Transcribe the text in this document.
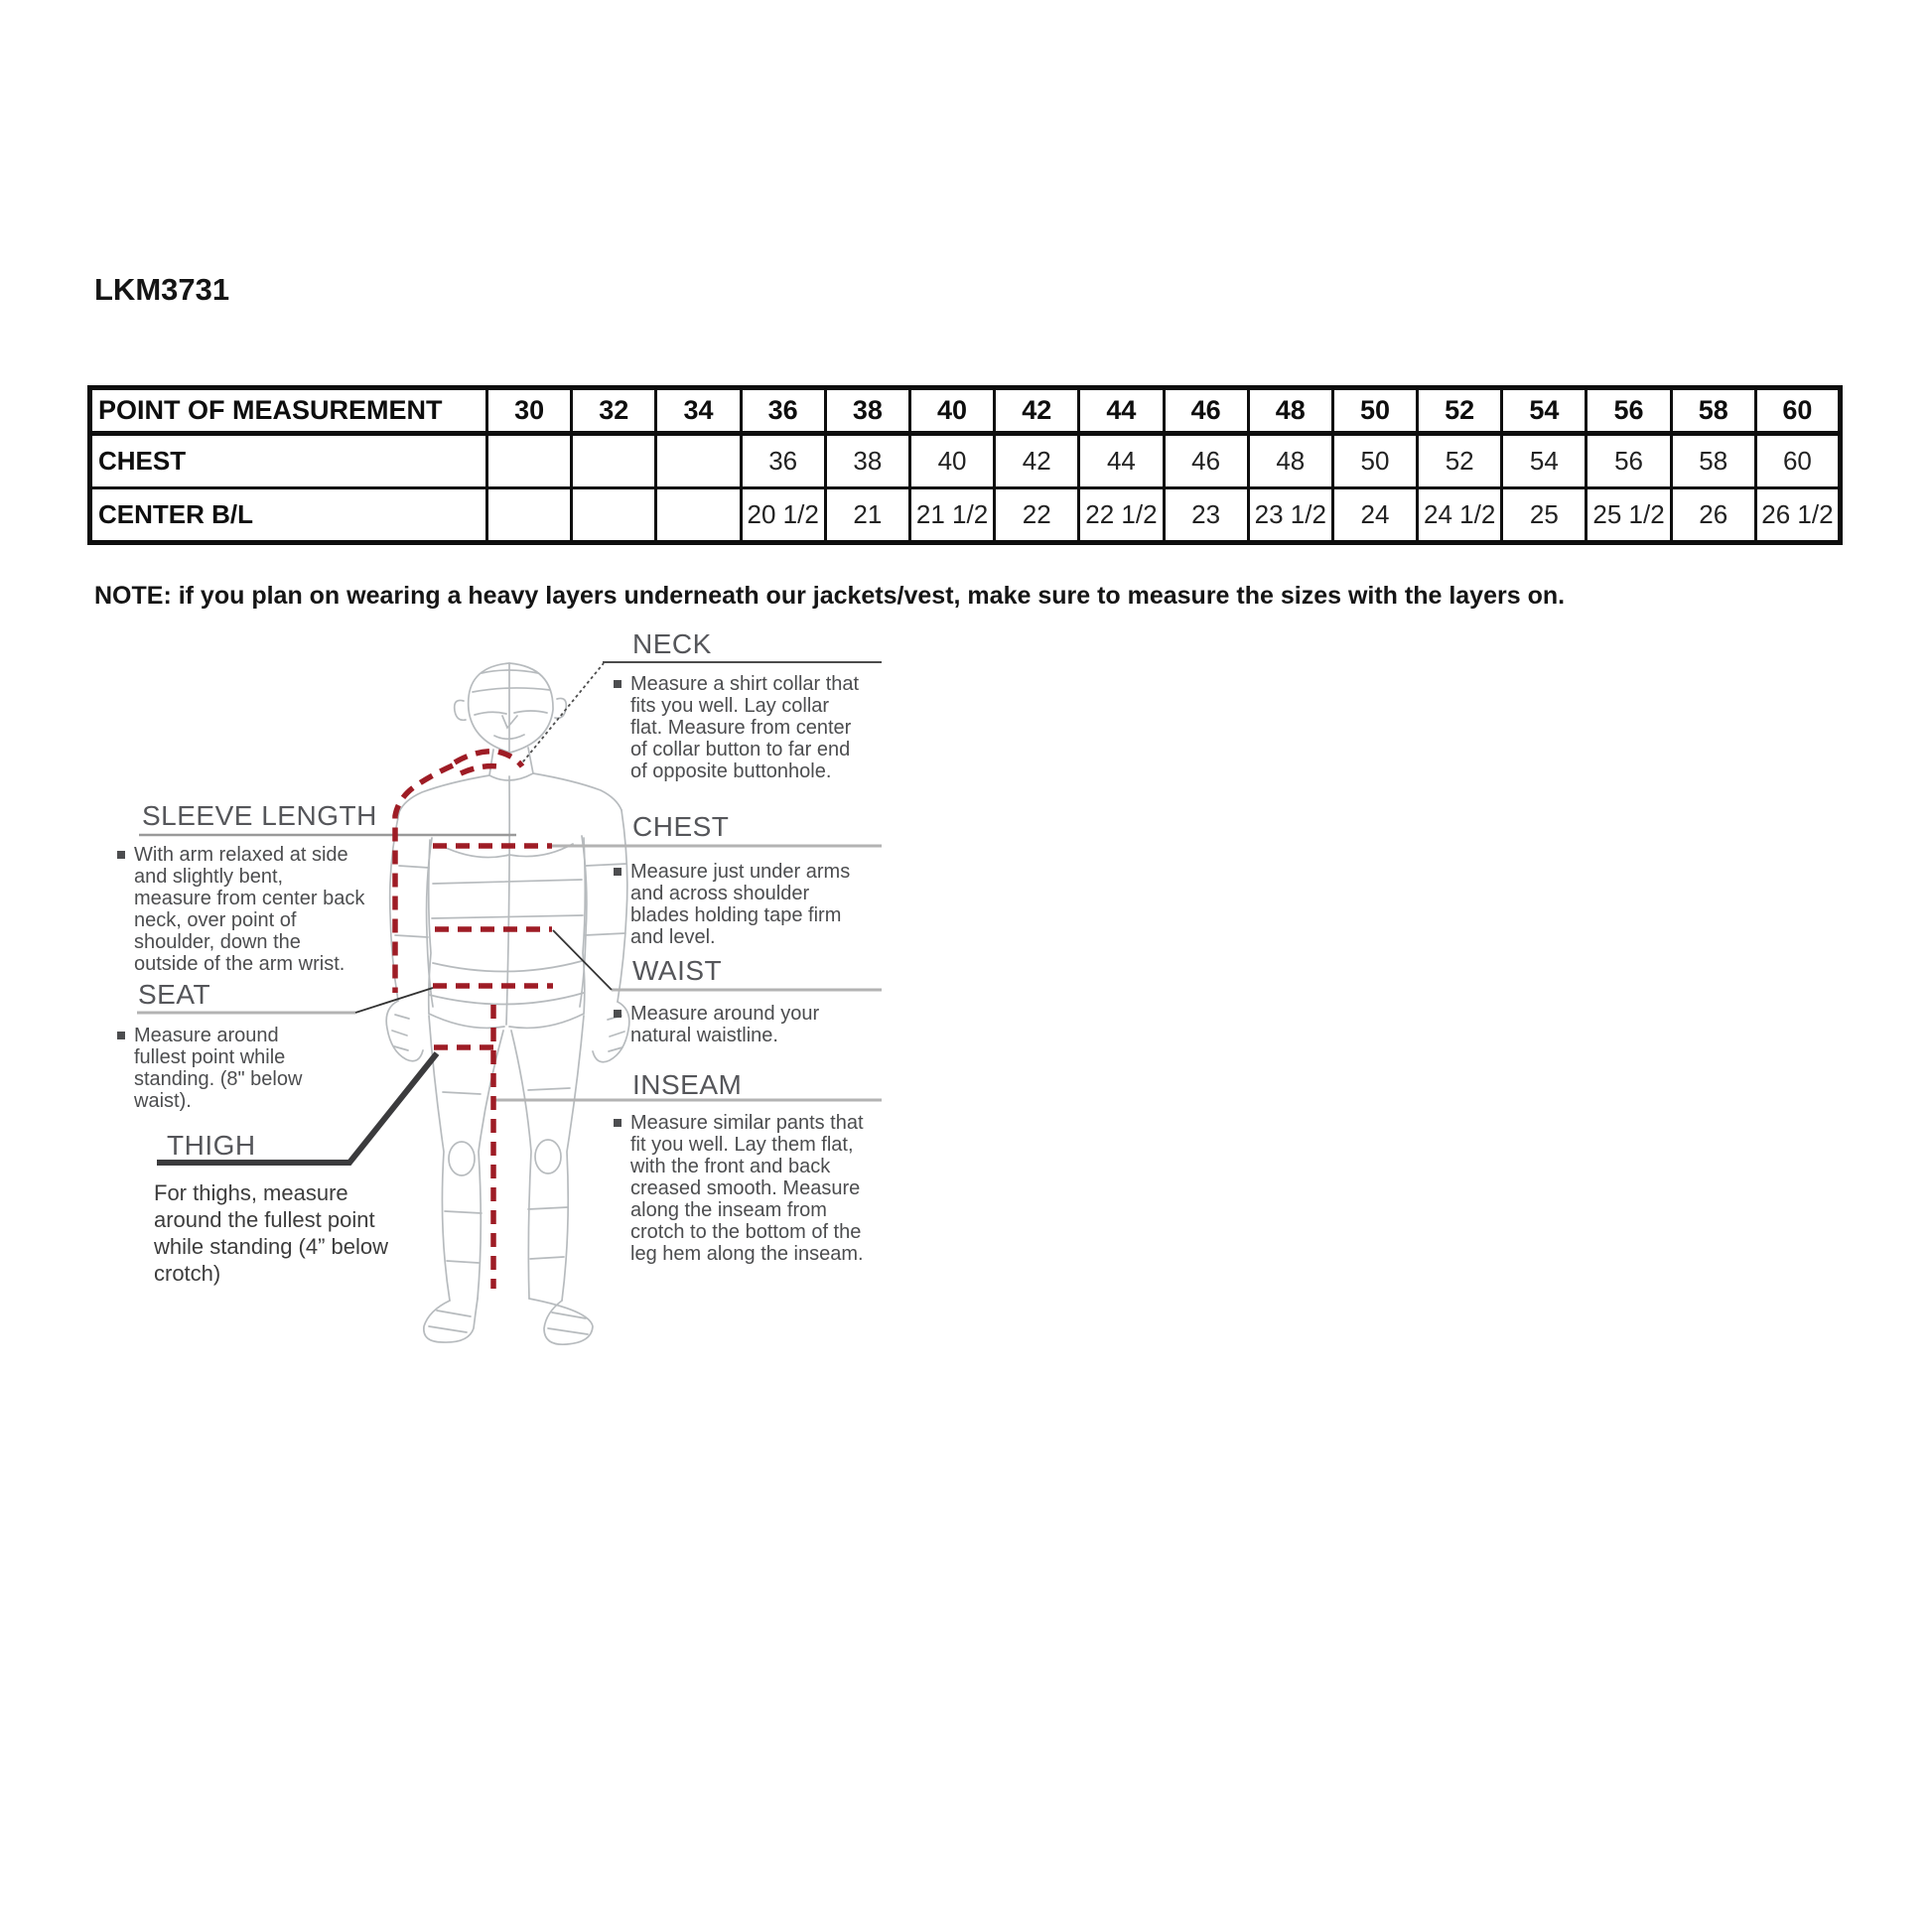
LKM3731
POINT OF MEASUREMENT	30	32	34	36	38	40	42	44	46	48	50	52	54	56	58	60
CHEST				36	38	40	42	44	46	48	50	52	54	56	58	60
CENTER B/L				20 1/2	21	21 1/2	22	22 1/2	23	23 1/2	24	24 1/2	25	25 1/2	26	26 1/2
NOTE: if you plan on wearing a heavy layers underneath our jackets/vest, make sure to measure the sizes with the layers on.
NECK
Measure a shirt collar that fits you well. Lay collar flat. Measure from center of collar button to far end of opposite buttonhole.
SLEEVE LENGTH
With arm relaxed at side and slightly bent, measure from center back neck, over point of shoulder, down the outside of the arm wrist.
CHEST
Measure just under arms and across shoulder blades holding tape firm and level.
WAIST
Measure around your natural waistline.
SEAT
Measure around fullest point while standing. (8" below waist).
INSEAM
Measure similar pants that fit you well. Lay them flat, with the front and back creased smooth. Measure along the inseam from crotch to the bottom of the leg hem along the inseam.
THIGH
For thighs, measure around the fullest point while standing (4” below crotch)
